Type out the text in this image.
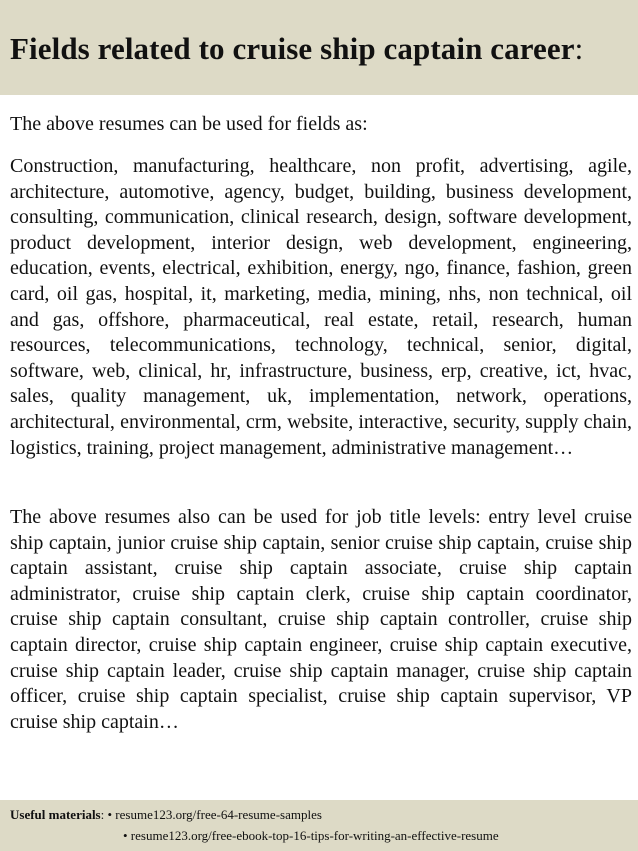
Fields related to cruise ship captain career:

The above resumes can be used for fields as:

Construction, manufacturing, healthcare, non profit, advertising, agile, architecture, automotive, agency, budget, building, business development, consulting, communication, clinical research, design, software development, product development, interior design, web development, engineering, education, events, electrical, exhibition, energy, ngo, finance, fashion, green card, oil gas, hospital, it, marketing, media, mining, nhs, non technical, oil and gas, offshore, pharmaceutical, real estate, retail, research, human resources, telecommunications, technology, technical, senior, digital, software, web, clinical, hr, infrastructure, business, erp, creative, ict, hvac, sales, quality management, uk, implementation, network, operations, architectural, environmental, crm, website, interactive, security, supply chain, logistics, training, project management, administrative management…

The above resumes also can be used for job title levels: entry level cruise ship captain, junior cruise ship captain, senior cruise ship captain, cruise ship captain assistant, cruise ship captain associate, cruise ship captain administrator, cruise ship captain clerk, cruise ship captain coordinator, cruise ship captain consultant, cruise ship captain controller, cruise ship captain director, cruise ship captain engineer, cruise ship captain executive, cruise ship captain leader, cruise ship captain manager, cruise ship captain officer, cruise ship captain specialist, cruise ship captain supervisor, VP cruise ship captain…

Useful materials: • resume123.org/free-64-resume-samples
• resume123.org/free-ebook-top-16-tips-for-writing-an-effective-resume
